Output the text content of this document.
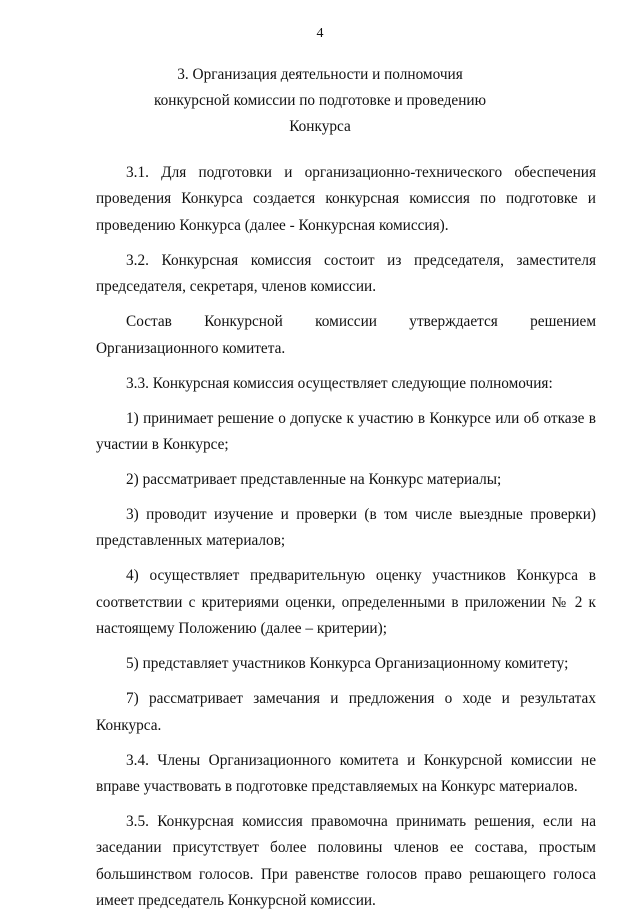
4
3. Организация деятельности и полномочия
конкурсной комиссии по подготовке и проведению
Конкурса

3.1. Для подготовки и организационно-технического обеспечения проведения Конкурса создается конкурсная комиссия по подготовке и проведению Конкурса (далее - Конкурсная комиссия).

3.2. Конкурсная комиссия состоит из председателя, заместителя председателя, секретаря, членов комиссии.

Состав Конкурсной комиссии утверждается решением Организационного комитета.

3.3. Конкурсная комиссия осуществляет следующие полномочия:

1) принимает решение о допуске к участию в Конкурсе или об отказе в участии в Конкурсе;

2) рассматривает представленные на Конкурс материалы;

3) проводит изучение и проверки (в том числе выездные проверки) представленных материалов;

4) осуществляет предварительную оценку участников Конкурса в соответствии с критериями оценки, определенными в приложении № 2 к настоящему Положению (далее – критерии);

5) представляет участников Конкурса Организационному комитету;

7) рассматривает замечания и предложения о ходе и результатах Конкурса.

3.4. Члены Организационного комитета и Конкурсной комиссии не вправе участвовать в подготовке представляемых на Конкурс материалов.

3.5. Конкурсная комиссия правомочна принимать решения, если на заседании присутствует более половины членов ее состава, простым большинством голосов. При равенстве голосов право решающего голоса имеет председатель Конкурсной комиссии.
